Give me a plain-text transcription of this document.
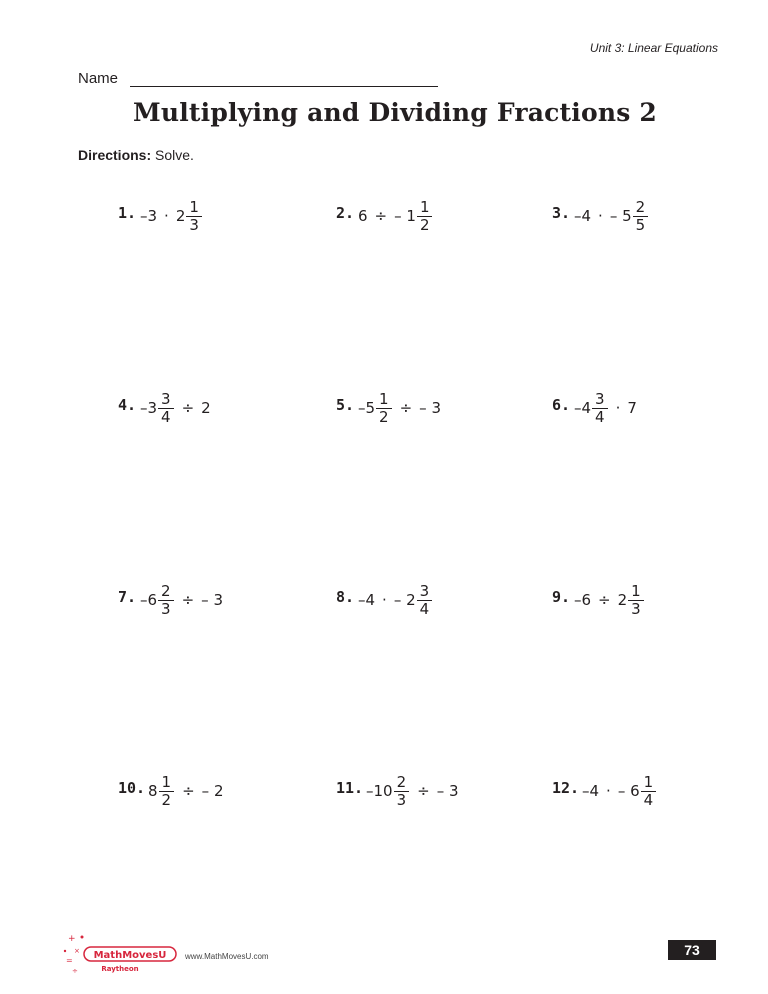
Unit 3: Linear Equations
Name
Multiplying and Dividing Fractions 2
Directions: Solve.
1. $-3 \cdot 2 \frac{1}{3}$	2. 6 ÷ – $1 \frac{1}{2}$	3. –4 · – $5 \frac{2}{5}$
4. $-3 \frac{3}{4} \div 2$	5. $-5 \frac{1}{2}$ ÷ – 3	6. $-4 \frac{3}{4} \cdot 7$
7. $-6 \frac{2}{3}$ ÷ – 3	8. –4 · – $2 \frac{3}{4}$	9. $-6 \div 2 \frac{1}{3}$
10. $8 \frac{1}{2}$ ÷ – 2	11. $-10 \frac{2}{3}$ ÷ – 3	12. –4 · – $6 \frac{1}{4}$
+
×
=
÷
MathMovesU
Raytheon
www.MathMovesU.com	73
